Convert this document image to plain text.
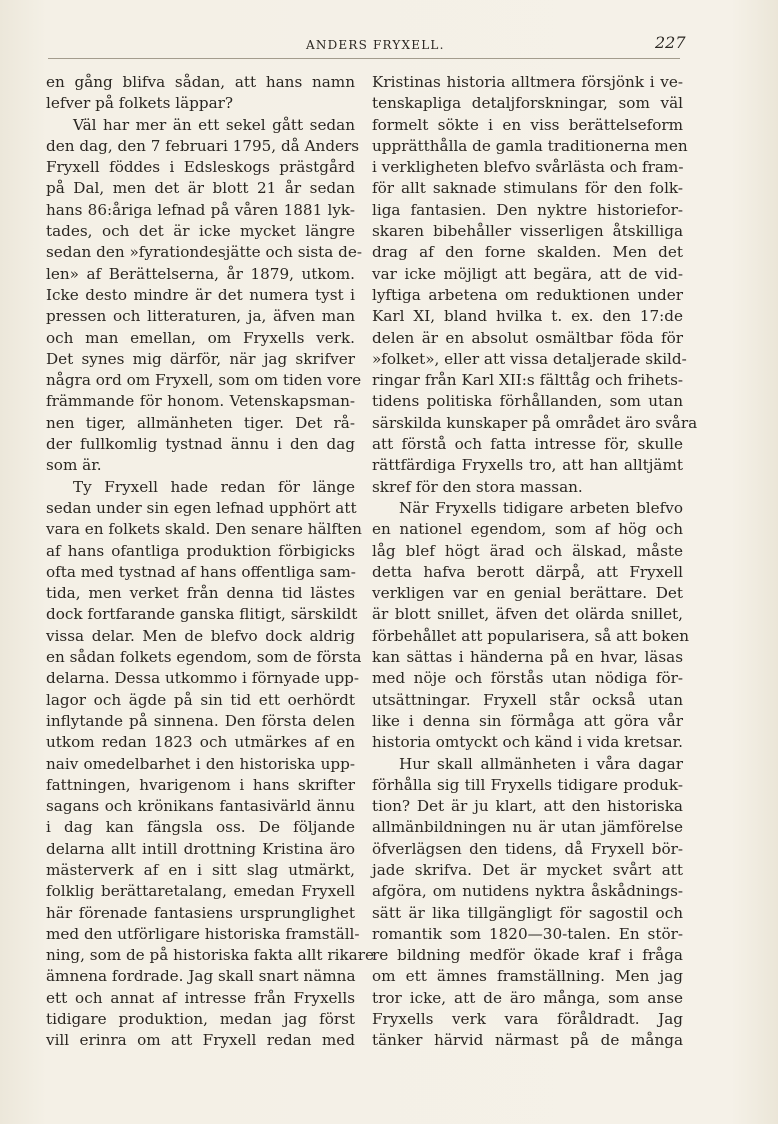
ANDERS FRYXELL.	227
en gång blifva sådan, att hans namn
lefver på folkets läppar?
Väl har mer än ett sekel gått sedan
den dag, den 7 februari 1795, då Anders
Fryxell föddes i Edsleskogs prästgård
på Dal, men det är blott 21 år sedan
hans 86:åriga lefnad på våren 1881 lyk-
tades, och det är icke mycket längre
sedan den »fyrationdesjätte och sista de-
len» af Berättelserna, år 1879, utkom.
Icke desto mindre är det numera tyst i
pressen och litteraturen, ja, äfven man
och man emellan, om Fryxells verk.
Det synes mig därför, när jag skrifver
några ord om Fryxell, som om tiden vore
främmande för honom. Vetenskapsman-
nen tiger, allmänheten tiger. Det rå-
der fullkomlig tystnad ännu i den dag
som är.
Ty Fryxell hade redan för länge
sedan under sin egen lefnad upphört att
vara en folkets skald. Den senare hälften
af hans ofantliga produktion förbigicks
ofta med tystnad af hans offentliga sam-
tida, men verket från denna tid lästes
dock fortfarande ganska flitigt, särskildt
vissa delar. Men de blefvo dock aldrig
en sådan folkets egendom, som de första
delarna. Dessa utkommo i förnyade upp-
lagor och ägde på sin tid ett oerhördt
inflytande på sinnena. Den första delen
utkom redan 1823 och utmärkes af en
naiv omedelbarhet i den historiska upp-
fattningen, hvarigenom i hans skrifter
sagans och krönikans fantasivärld ännu
i dag kan fängsla oss. De följande
delarna allt intill drottning Kristina äro
mästerverk af en i sitt slag utmärkt,
folklig berättaretalang, emedan Fryxell
här förenade fantasiens ursprunglighet
med den utförligare historiska framställ-
ning, som de på historiska fakta allt rikare
ämnena fordrade. Jag skall snart nämna
ett och annat af intresse från Fryxells
tidigare produktion, medan jag först
vill erinra om att Fryxell redan med
Kristinas historia alltmera försjönk i ve-
tenskapliga detaljforskningar, som väl
formelt sökte i en viss berättelseform
upprätthålla de gamla traditionerna men
i verkligheten blefvo svårlästa och fram-
för allt saknade stimulans för den folk-
liga fantasien. Den nyktre historiefor-
skaren bibehåller visserligen åtskilliga
drag af den forne skalden. Men det
var icke möjligt att begära, att de vid-
lyftiga arbetena om reduktionen under
Karl XI, bland hvilka t. ex. den 17:de
delen är en absolut osmältbar föda för
»folket», eller att vissa detaljerade skild-
ringar från Karl XII:s fälttåg och frihets-
tidens politiska förhållanden, som utan
särskilda kunskaper på området äro svåra
att förstå och fatta intresse för, skulle
rättfärdiga Fryxells tro, att han alltjämt
skref för den stora massan.
När Fryxells tidigare arbeten blefvo
en nationel egendom, som af hög och
låg blef högt ärad och älskad, måste
detta hafva berott därpå, att Fryxell
verkligen var en genial berättare. Det
är blott snillet, äfven det olärda snillet,
förbehållet att popularisera, så att boken
kan sättas i händerna på en hvar, läsas
med nöje och förstås utan nödiga för-
utsättningar. Fryxell står också utan
like i denna sin förmåga att göra vår
historia omtyckt och känd i vida kretsar.
Hur skall allmänheten i våra dagar
förhålla sig till Fryxells tidigare produk-
tion? Det är ju klart, att den historiska
allmänbildningen nu är utan jämförelse
öfverlägsen den tidens, då Fryxell bör-
jade skrifva. Det är mycket svårt att
afgöra, om nutidens nyktra åskådnings-
sätt är lika tillgängligt för sagostil och
romantik som 1820—30-talen. En stör-
re bildning medför ökade kraf i fråga
om ett ämnes framställning. Men jag
tror icke, att de äro många, som anse
Fryxells verk vara föråldradt. Jag
tänker härvid närmast på de många
